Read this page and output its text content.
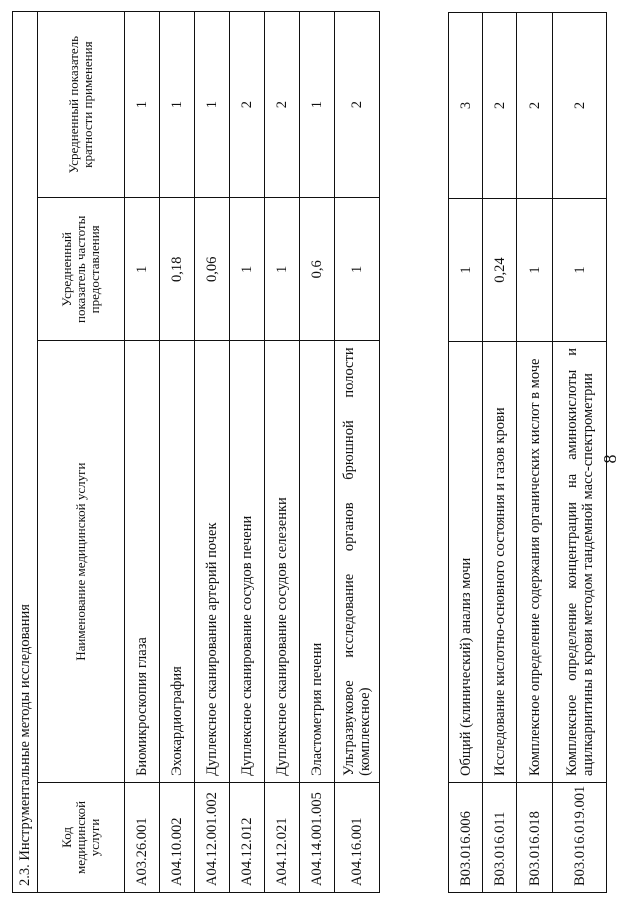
B03.016.006	Общий (клинический) анализ мочи	1	3
B03.016.011	Исследование кислотно-основного состояния и газов крови	0,24	2
B03.016.018	Комплексное определение содержания органических кислот в моче	1	2
B03.016.019.001	Комплексное определение концентрации на аминокислоты и ацилкарнитины в крови методом тандемной масс-спектрометрии	1	2
2.3. Инструментальные методы исследования			
Код медицинской услуги	Наименование медицинской услуги	Усредненный показатель частоты предоставления	Усредненный показатель кратности применения
A03.26.001	Биомикроскопия глаза	1	1
A04.10.002	Эхокардиография	0,18	1
A04.12.001.002	Дуплексное сканирование артерий почек	0,06	1
A04.12.012	Дуплексное сканирование сосудов печени	1	2
A04.12.021	Дуплексное сканирование сосудов селезенки	1	2
A04.14.001.005	Эластометрия печени	0,6	1
A04.16.001	Ультразвуковое исследование органов брюшной полости (комплексное)	1	2
8
